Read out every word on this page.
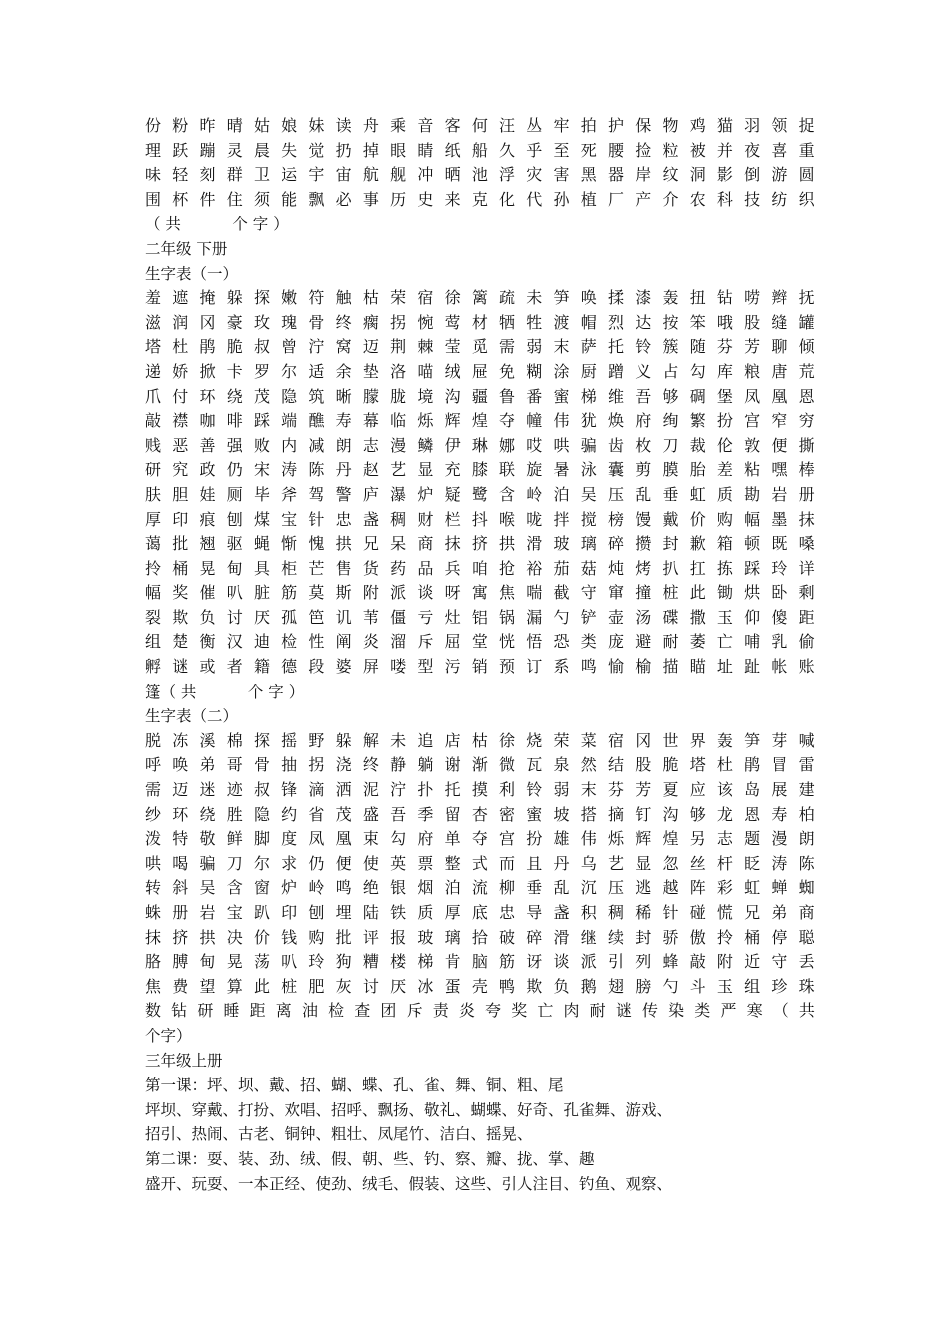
份 粉 昨 晴 姑 娘 妹 读 舟 乘 音 客 何 汪 丛 牢 拍 护 保 物 鸡 猫 羽 领 捉
理 跃 蹦 灵 晨 失 觉 扔 掉 眼 睛 纸 船 久 乎 至 死 腰 捡 粒 被 并 夜 喜 重
味 轻 刻 群 卫 运 宇 宙 航 舰 冲 晒 池 浮 灾 害 黑 器 岸 纹 洞 影 倒 游 圆
围 杯 件 住 须 能 飘 必 事 历 史 来 克 化 代 孙 植 厂 产 介 农 科 技 纺 织
（ 共 　　　个 字 ）
二年级 下册
生字表（一）
羞 遮 掩 躲 探 嫩 符 触 枯 荣 宿 徐 篱 疏 未 笋 唤 揉 漆 轰 扭 钻 唠 辫 抚
滋 润 冈 豪 玫 瑰 骨 终 瘸 拐 惋 莺 材 牺 牲 渡 帽 烈 达 按 笨 哦 股 缝 罐
塔 杜 鹃 脆 叔 曾 泞 窝 迈 荆 棘 莹 觅 需 弱 末 萨 托 铃 簇 随 芬 芳 聊 倾
递 娇 掀 卡 罗 尔 适 余 垫 洛 喵 绒 屉 免 糊 涂 厨 蹭 义 占 勾 库 粮 唐 荒
爪 付 环 绕 茂 隐 筑 晰 朦 胧 境 沟 疆 鲁 番 蜜 梯 维 吾 够 碉 堡 凤 凰 恩
敲 襟 咖 啡 踩 端 醮 寿 幕 临 烁 辉 煌 夺 幢 伟 犹 焕 府 绚 繁 扮 宫 窄 穷
贱 恶 善 强 败 内 减 朗 志 漫 鳞 伊 琳 娜 哎 哄 骗 齿 枚 刀 裁 伦 敦 便 撕
研 究 政 仍 宋 涛 陈 丹 赵 艺 显 充 膝 联 旋 暑 泳 囊 剪 膜 胎 差 粘 嘿 棒
肤 胆 娃 厕 毕 斧 驾 警 庐 瀑 炉 疑 鹭 含 岭 泊 吴 压 乱 垂 虹 质 勘 岩 册
厚 印 痕 刨 煤 宝 针 忠 盏 稠 财 栏 抖 喉 咙 拌 搅 榜 馒 戴 价 购 幅 墨 抹
蔼 批 翘 驱 蝇 惭 愧 拱 兄 呆 商 抹 挤 拱 滑 玻 璃 碎 攒 封 歉 箱 顿 既 嗓
拎 桶 晃 甸 具 柜 芒 售 货 药 品 兵 咱 抢 裕 茄 菇 炖 烤 扒 扛 拣 踩 玲 详
幅 奖 催 叭 脏 筋 莫 斯 附 派 谈 呀 寓 焦 喘 截 守 窜 撞 桩 此 锄 烘 卧 剩
裂 欺 负 讨 厌 孤 笆 讥 苇 僵 亏 灶 铝 锅 漏 勺 铲 壶 汤 碟 撒 玉 仰 傻 距
组 楚 衡 汉 迪 检 性 阐 炎 溜 斥 屈 堂 恍 悟 恐 类 庞 避 耐 萎 亡 哺 乳 偷
孵 谜 或 者 籍 德 段 婆 屏 喽 型 污 销 预 订 系 鸣 愉 榆 描 瞄 址 趾 帐 账
篷（ 共 　　　个 字 ）
生字表（二）
脱 冻 溪 棉 探 摇 野 躲 解 未 追 店 枯 徐 烧 荣 菜 宿 冈 世 界 轰 笋 芽 喊
呼 唤 弟 哥 骨 抽 拐 浇 终 静 躺 谢 渐 微 瓦 泉 然 结 股 脆 塔 杜 鹃 冒 雷
需 迈 迷 迹 叔 锋 滴 洒 泥 泞 扑 托 摸 利 铃 弱 末 芬 芳 夏 应 该 岛 展 建
纱 环 绕 胜 隐 约 省 茂 盛 吾 季 留 杏 密 蜜 坡 搭 摘 钉 沟 够 龙 恩 寿 柏
泼 特 敬 鲜 脚 度 凤 凰 束 勾 府 单 夺 宫 扮 雄 伟 烁 辉 煌 另 志 题 漫 朗
哄 喝 骗 刀 尔 求 仍 便 使 英 票 整 式 而 且 丹 乌 艺 显 忽 丝 杆 眨 涛 陈
转 斜 吴 含 窗 炉 岭 鸣 绝 银 烟 泊 流 柳 垂 乱 沉 压 逃 越 阵 彩 虹 蝉 蜘
蛛 册 岩 宝 趴 印 刨 埋 陆 铁 质 厚 底 忠 导 盏 积 稠 稀 针 碰 慌 兄 弟 商
抹 挤 拱 决 价 钱 购 批 评 报 玻 璃 拾 破 碎 滑 继 续 封 骄 傲 拎 桶 停 聪
胳 膊 甸 晃 荡 叭 玲 狗 糟 楼 梯 肯 脑 筋 讶 谈 派 引 列 蜂 敲 附 近 守 丢
焦 费 望 算 此 桩 肥 灰 讨 厌 冰 蛋 壳 鸭 欺 负 鹅 翅 膀 勺 斗 玉 组 珍 珠
数 钻 研 睡 距 离 油 检 查 团 斥 责 炎 夸 奖 亡 肉 耐 谜 传 染 类 严 寒 （ 共
个字）
三年级上册
第一课：坪、坝、戴、招、蝴、蝶、孔、雀、舞、铜、粗、尾
坪坝、穿戴、打扮、欢唱、招呼、飘扬、敬礼、蝴蝶、好奇、孔雀舞、游戏、
招引、热闹、古老、铜钟、粗壮、凤尾竹、洁白、摇晃、
第二课：耍、装、劲、绒、假、朝、些、钓、察、瓣、拢、掌、趣
盛开、玩耍、一本正经、使劲、绒毛、假装、这些、引人注目、钓鱼、观察、
